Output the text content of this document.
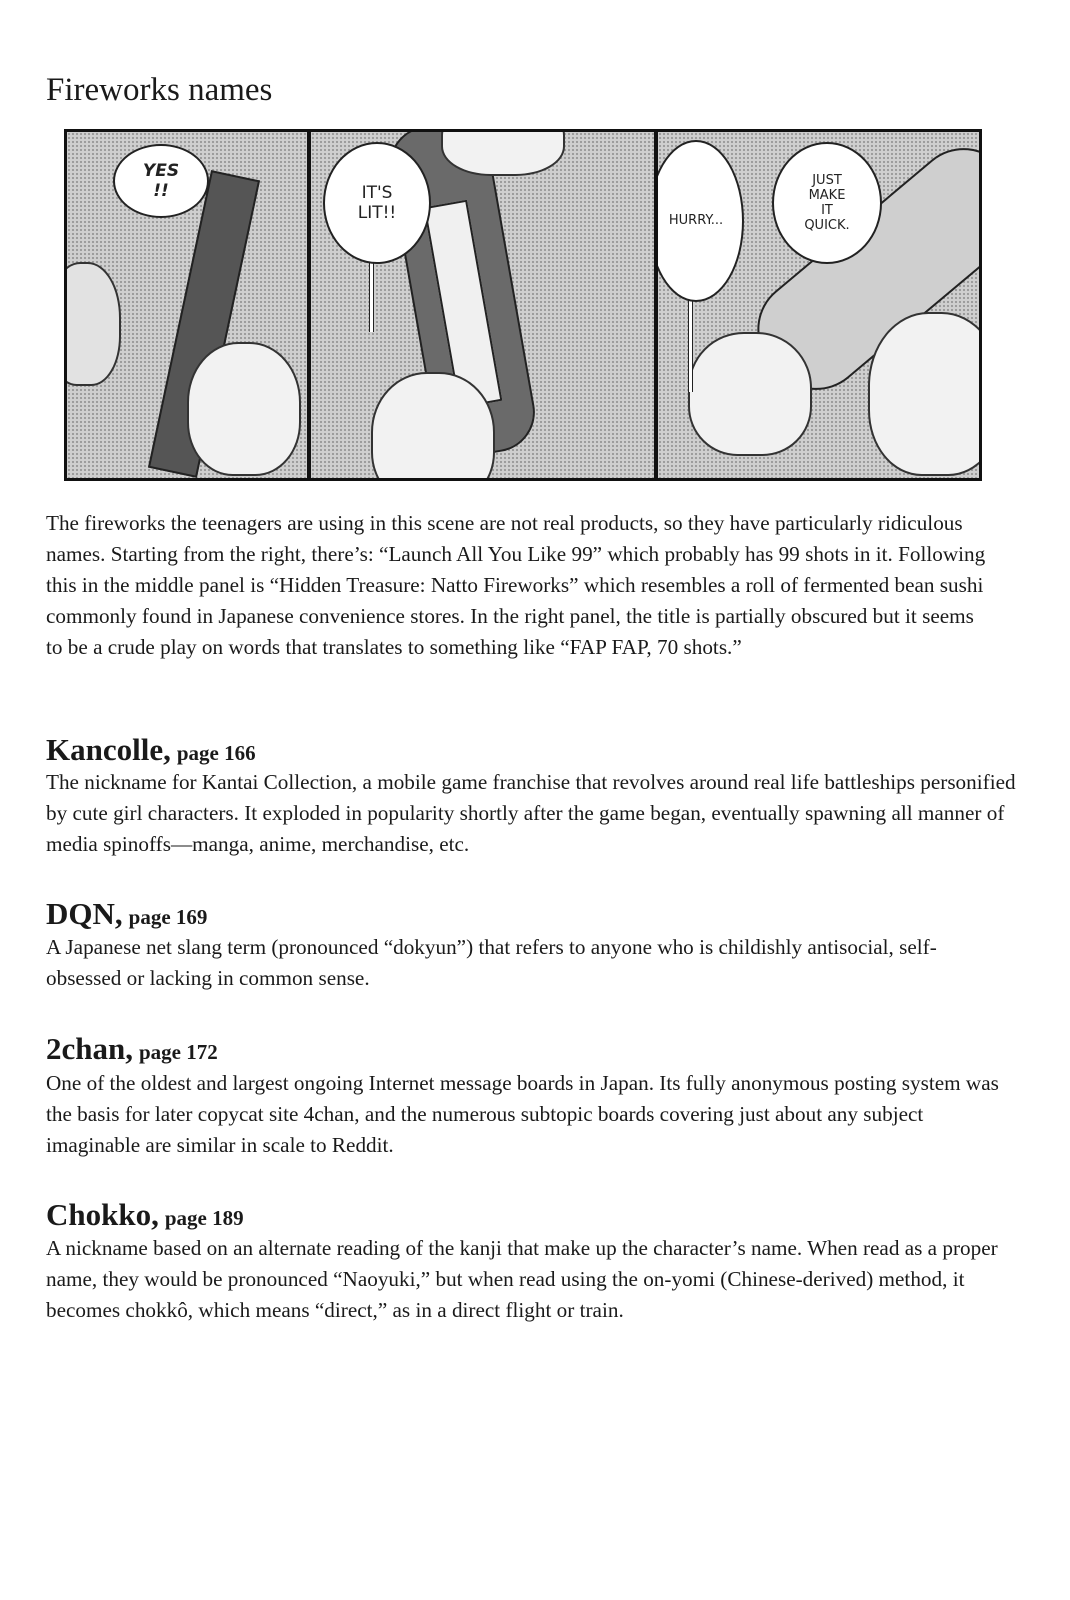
Fireworks names
YES
!!	IT'S
LIT!!	HURRY...
JUST
MAKE
IT
QUICK.

The fireworks the teenagers are using in this scene are not real products, so they have particularly ridiculous names. Starting from the right, there’s: “Launch All You Like 99” which probably has 99 shots in it. Following this in the middle panel is “Hidden Treasure: Natto Fireworks” which resembles a roll of fermented bean sushi commonly found in Japanese convenience stores. In the right panel, the title is partially obscured but it seems to be a crude play on words that translates to something like “FAP FAP, 70 shots.”

Kancolle, page 166

The nickname for Kantai Collection, a mobile game franchise that revolves around real life battleships personified by cute girl characters. It exploded in popularity shortly after the game began, eventually spawning all manner of media spinoffs—manga, anime, merchandise, etc.

DQN, page 169

A Japanese net slang term (pronounced “dokyun”) that refers to anyone who is childishly antisocial, self-obsessed or lacking in common sense.

2chan, page 172

One of the oldest and largest ongoing Internet message boards in Japan. Its fully anonymous posting system was the basis for later copycat site 4chan, and the numerous subtopic boards covering just about any subject imaginable are similar in scale to Reddit.

Chokko, page 189

A nickname based on an alternate reading of the kanji that make up the character’s name. When read as a proper name, they would be pronounced “Naoyuki,” but when read using the on-yomi (Chinese-derived) method, it becomes chokkô, which means “direct,” as in a direct flight or train.
